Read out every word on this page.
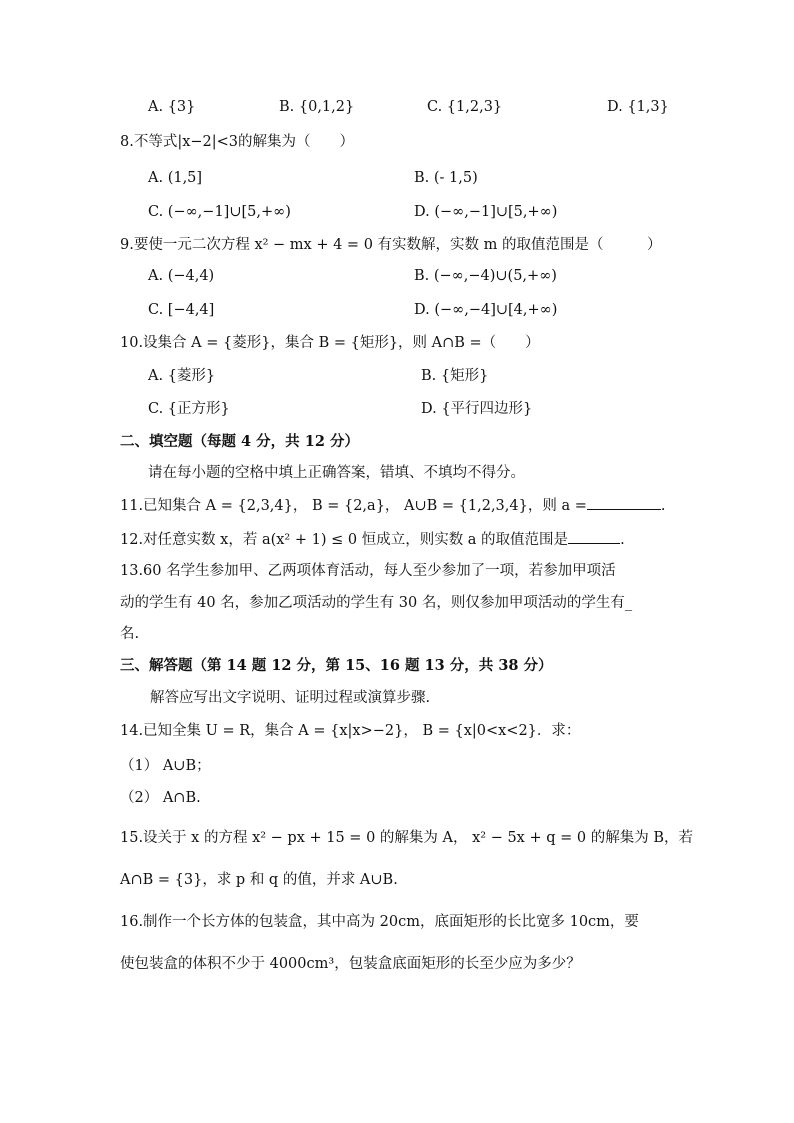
A. {3}	B. {0,1,2}	C. {1,2,3}	D. {1,3}
8.不等式|x−2|<3的解集为（　　）
A. (1,5]	B. (- 1,5)
C. (−∞,−1]∪[5,+∞)	D. (−∞,−1]∪[5,+∞)
9.要使一元二次方程 x² − mx + 4 = 0 有实数解，实数 m 的取值范围是（　　　）
A. (−4,4)	B. (−∞,−4)∪(5,+∞)
C. [−4,4]	D. (−∞,−4]∪[4,+∞)
10.设集合 A = {菱形}，集合 B = {矩形}，则 A∩B =（　　）
A. {菱形}	B. {矩形}
C. {正方形}	D. {平行四边形}
二、填空题（每题 4 分，共 12 分）
请在每小题的空格中填上正确答案，错填、不填均不得分。
11.已知集合 A = {2,3,4}， B = {2,a}， A∪B = {1,2,3,4}，则 a =	.
12.对任意实数 x，若 a(x² + 1) ≤ 0 恒成立，则实数 a 的取值范围是	.
13.60 名学生参加甲、乙两项体育活动，每人至少参加了一项，若参加甲项活
动的学生有 40 名，参加乙项活动的学生有 30 名，则仅参加甲项活动的学生有_
名.
三、解答题（第 14 题 12 分，第 15、16 题 13 分，共 38 分）
解答应写出文字说明、证明过程或演算步骤.
14.已知全集 U = R，集合 A = {x|x>−2}， B = {x|0<x<2}．求：
（1） A∪B；
（2） A∩B.
15.设关于 x 的方程 x² − px + 15 = 0 的解集为 A， x² − 5x + q = 0 的解集为 B，若
A∩B = {3}，求 p 和 q 的值，并求 A∪B.
16.制作一个长方体的包装盒，其中高为 20cm，底面矩形的长比宽多 10cm，要
使包装盒的体积不少于 4000cm³，包装盒底面矩形的长至少应为多少？
